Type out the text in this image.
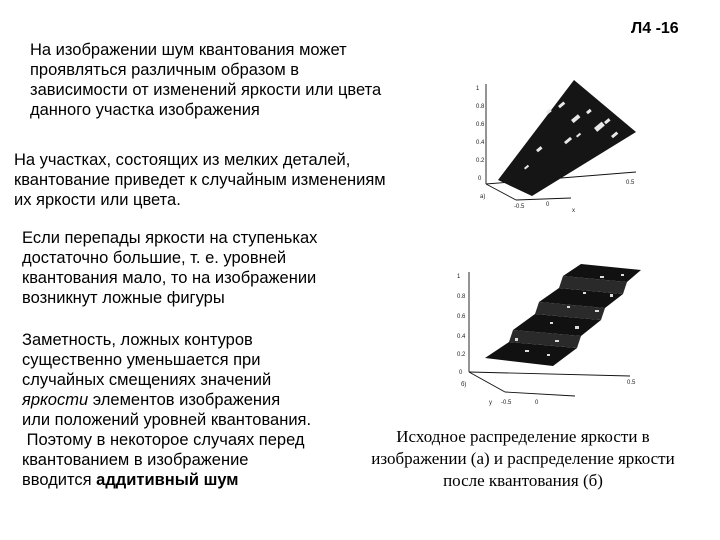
Л4 -16
На изображении шум квантования может
проявляться различным образом в
зависимости от изменений яркости или цвета
данного участка изображения
На участках, состоящих из мелких деталей,
квантование приведет к случайным изменениям
их яркости или цвета.
Если перепады яркости на ступеньках
достаточно большие, т. е. уровней
квантования мало, то на изображении
возникнут ложные фигуры
Заметность, ложных контуров
существенно уменьшается при
случайных смещениях значений
яркости элементов изображения
или положений уровней квантования.
Поэтому в некоторое случаях перед
квантованием в изображение
вводится аддитивный шум
1
0.8
0.6
0.4
0.2
0
а)
-0.5	0
0.5
x
1
0.8
0.6
0.4
0.2
0
б)
-0.5	0
0.5
y
Исходное распределение яркости в изображении (а) и распределение яркости после квантования (б)
